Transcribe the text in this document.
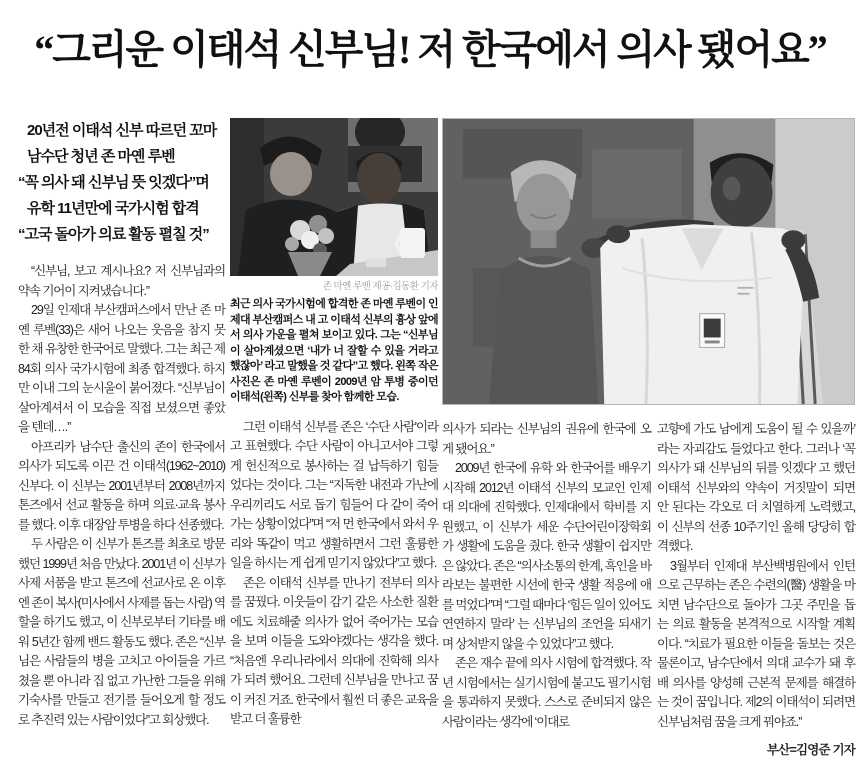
“그리운 이태석 신부님! 저 한국에서 의사 됐어요”

20년전 이태석 신부 따르던 꼬마

남수단 청년 존 마옌 루벤

“꼭 의사 돼 신부님 뜻 잇겠다”며

유학 11년만에 국가시험 합격

“고국 돌아가 의료 활동 펼칠 것”

“신부님, 보고 계시나요? 저 신부님과의 약속 기어이 지켜냈습니다.”

29일 인제대 부산캠퍼스에서 만난 존 마옌 루벤(33)은 새어 나오는 웃음을 참지 못한 채 유창한 한국어로 말했다. 그는 최근 제84회 의사 국가시험에 최종 합격했다. 하지만 이내 그의 눈시울이 붉어졌다. “신부님이 살아계셔서 이 모습을 직접 보셨으면 좋았을 텐데….”

아프리카 남수단 출신의 존이 한국에서 의사가 되도록 이끈 건 이태석(1962~2010) 신부다. 이 신부는 2001년부터 2008년까지 톤즈에서 선교 활동을 하며 의료·교육 봉사를 했다. 이후 대장암 투병을 하다 선종했다.

두 사람은 이 신부가 톤즈를 최초로 방문했던 1999년 처음 만났다. 2001년 이 신부가 사제 서품을 받고 톤즈에 선교사로 온 이후엔 존이 복사(미사에서 사제를 돕는 사람) 역할을 하기도 했고, 이 신부로부터 기타를 배워 5년간 함께 밴드 활동도 했다. 존은 “신부님은 사람들의 병을 고치고 아이들을 가르쳤을 뿐 아니라 집 없고 가난한 그들을 위해 기숙사를 만들고 전기를 들어오게 할 정도로 추진력 있는 사람이었다”고 회상했다.

존 마옌 루벤 제공·김동환 기자

최근 의사 국가시험에 합격한 존 마옌 루벤이 인제대 부산캠퍼스 내 고 이태석 신부의 흉상 앞에서 의사 가운을 펼쳐 보이고 있다. 그는 “신부님이 살아계셨으면 ‘내가 너 잘할 수 있을 거라고 했잖아’ 라고 말했을 것 같다”고 했다. 왼쪽 작은 사진은 존 마옌 루벤이 2009년 암 투병 중이던 이태석(왼쪽) 신부를 찾아 함께한 모습.

그런 이태석 신부를 존은 ‘수단 사람’이라고 표현했다. 수단 사람이 아니고서야 그렇게 헌신적으로 봉사하는 걸 납득하기 힘들었다는 것이다. 그는 “지독한 내전과 가난에 우리끼리도 서로 돕기 힘들어 다 같이 죽어가는 상황이었다”며 “저 먼 한국에서 와서 우리와 똑같이 먹고 생활하면서 그런 훌륭한 일을 하시는 게 쉽게 믿기지 않았다”고 했다.

존은 이태석 신부를 만나기 전부터 의사를 꿈꿨다. 이웃들이 감기 같은 사소한 질환에도 치료해줄 의사가 없어 죽어가는 모습을 보며 이들을 도와야겠다는 생각을 했다. “처음엔 우리나라에서 의대에 진학해 의사가 되려 했어요. 그런데 신부님을 만나고 꿈이 커진 거죠. 한국에서 훨씬 더 좋은 교육을 받고 더 훌륭한

의사가 되라는 신부님의 권유에 한국에 오게 됐어요.”

2009년 한국에 유학 와 한국어를 배우기 시작해 2012년 이태석 신부의 모교인 인제대 의대에 진학했다. 인제대에서 학비를 지원했고, 이 신부가 세운 수단어린이장학회가 생활에 도움을 줬다. 한국 생활이 쉽지만은 않았다. 존은 “의사소통의 한계, 흑인을 바라보는 불편한 시선에 한국 생활 적응에 애를 먹었다”며 “그럴 때마다 ‘힘든 일이 있어도 연연하지 말라’ 는 신부님의 조언을 되새기며 상처받지 않을 수 있었다”고 했다.

존은 재수 끝에 의사 시험에 합격했다. 작년 시험에서는 실기시험에 붙고도 필기시험을 통과하지 못했다. 스스로 준비되지 않은 사람이라는 생각에 ‘이대로

고향에 가도 남에게 도움이 될 수 있을까’ 라는 자괴감도 들었다고 한다. 그러나 ‘꼭 의사가 돼 신부님의 뒤를 잇겠다’ 고 했던 이태석 신부와의 약속이 거짓말이 되면 안 된다는 각오로 더 치열하게 노력했고, 이 신부의 선종 10주기인 올해 당당히 합격했다.

3월부터 인제대 부산백병원에서 인턴으로 근무하는 존은 수련의(醫) 생활을 마치면 남수단으로 돌아가 그곳 주민을 돕는 의료 활동을 본격적으로 시작할 계획이다. “치료가 필요한 이들을 돌보는 것은 물론이고, 남수단에서 의대 교수가 돼 후배 의사를 양성해 근본적 문제를 해결하는 것이 꿈입니다. 제2의 이태석이 되려면 신부님처럼 꿈을 크게 꿔야죠.”

부산=김영준 기자
